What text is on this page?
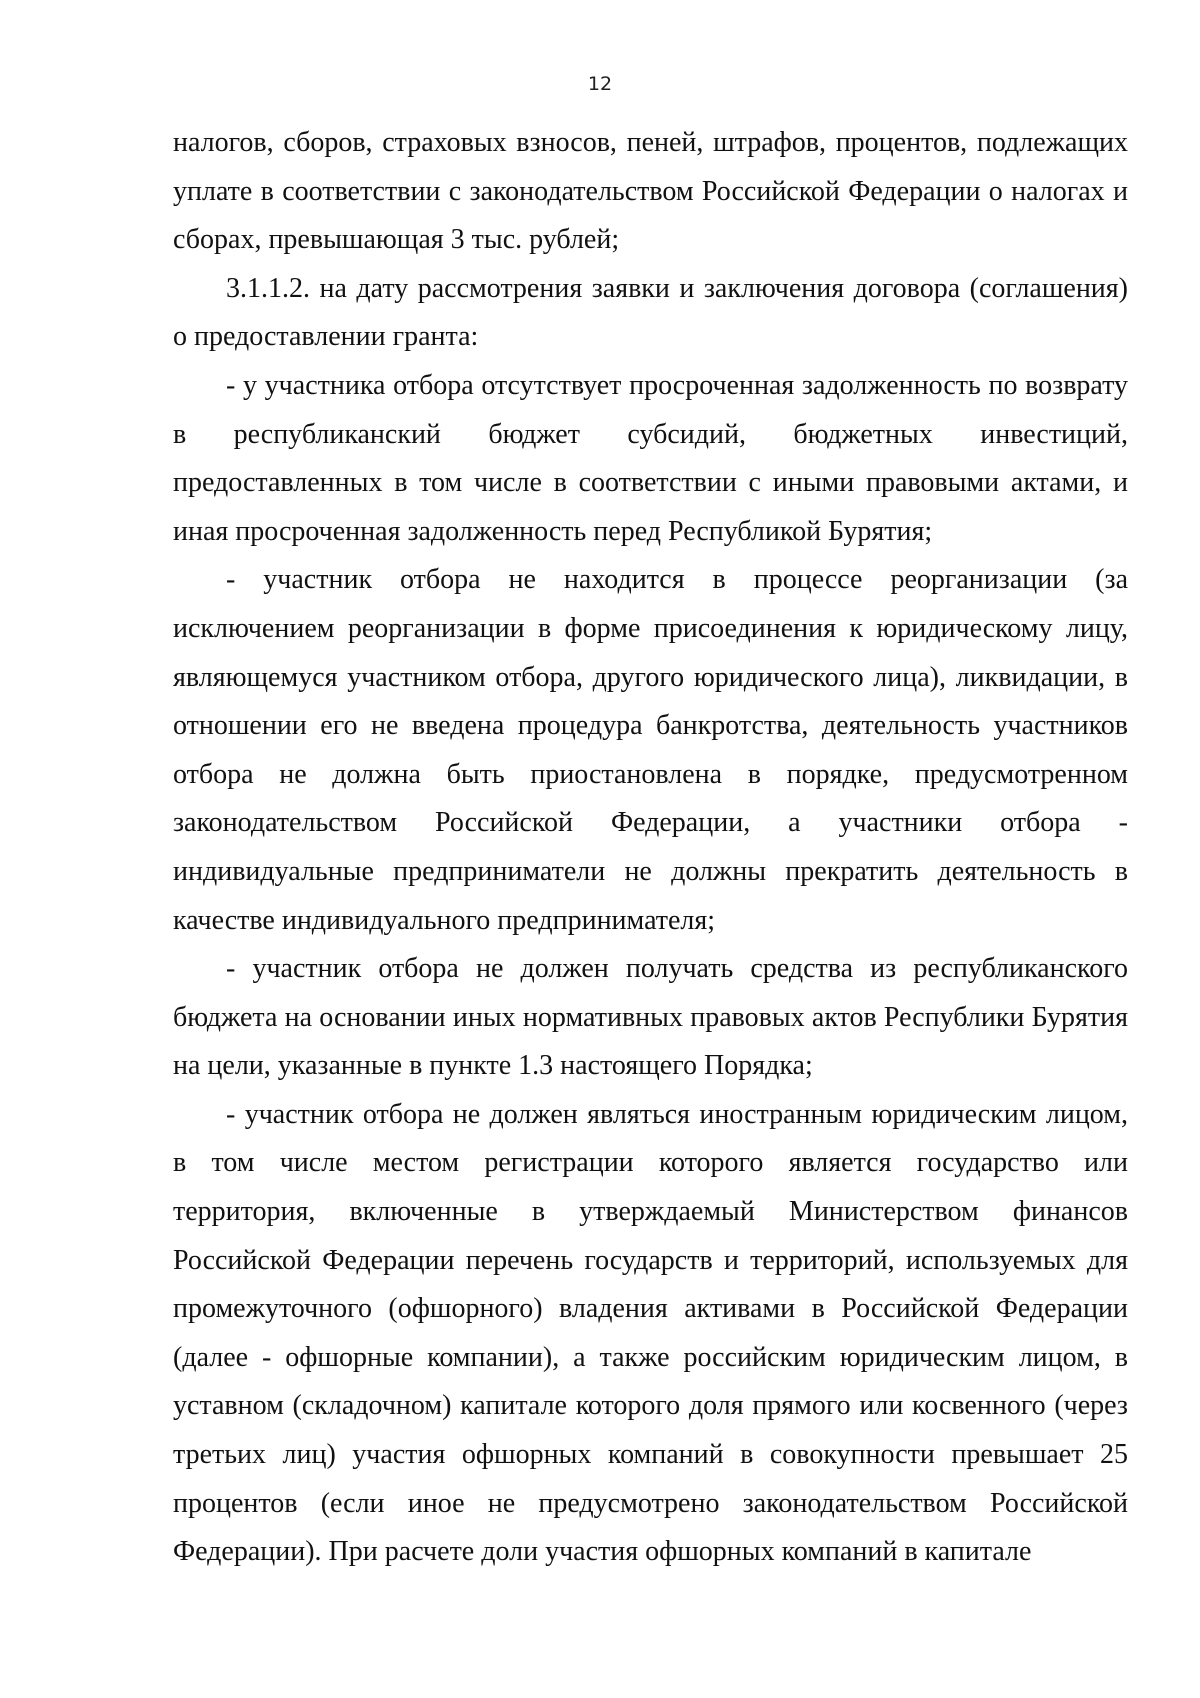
12

налогов, сборов, страховых взносов, пеней, штрафов, процентов, подлежащих уплате в соответствии с законодательством Российской Федерации о налогах и сборах, превышающая 3 тыс. рублей;

3.1.1.2. на дату рассмотрения заявки и заключения договора (соглашения) о предоставлении гранта:

- у участника отбора отсутствует просроченная задолженность по возврату в республиканский бюджет субсидий, бюджетных инвестиций, предоставленных в том числе в соответствии с иными правовыми актами, и иная просроченная задолженность перед Республикой Бурятия;

- участник отбора не находится в процессе реорганизации (за исключением реорганизации в форме присоединения к юридическому лицу, являющемуся участником отбора, другого юридического лица), ликвидации, в отношении его не введена процедура банкротства, деятельность участников отбора не должна быть приостановлена в порядке, предусмотренном законодательством Российской Федерации, а участники отбора - индивидуальные предприниматели не должны прекратить деятельность в качестве индивидуального предпринимателя;

- участник отбора не должен получать средства из республиканского бюджета на основании иных нормативных правовых актов Республики Бурятия на цели, указанные в пункте 1.3 настоящего Порядка;

- участник отбора не должен являться иностранным юридическим лицом, в том числе местом регистрации которого является государство или территория, включенные в утверждаемый Министерством финансов Российской Федерации перечень государств и территорий, используемых для промежуточного (офшорного) владения активами в Российской Федерации (далее - офшорные компании), а также российским юридическим лицом, в уставном (складочном) капитале которого доля прямого или косвенного (через третьих лиц) участия офшорных компаний в совокупности превышает 25 процентов (если иное не предусмотрено законодательством Российской Федерации). При расчете доли участия офшорных компаний в капитале
